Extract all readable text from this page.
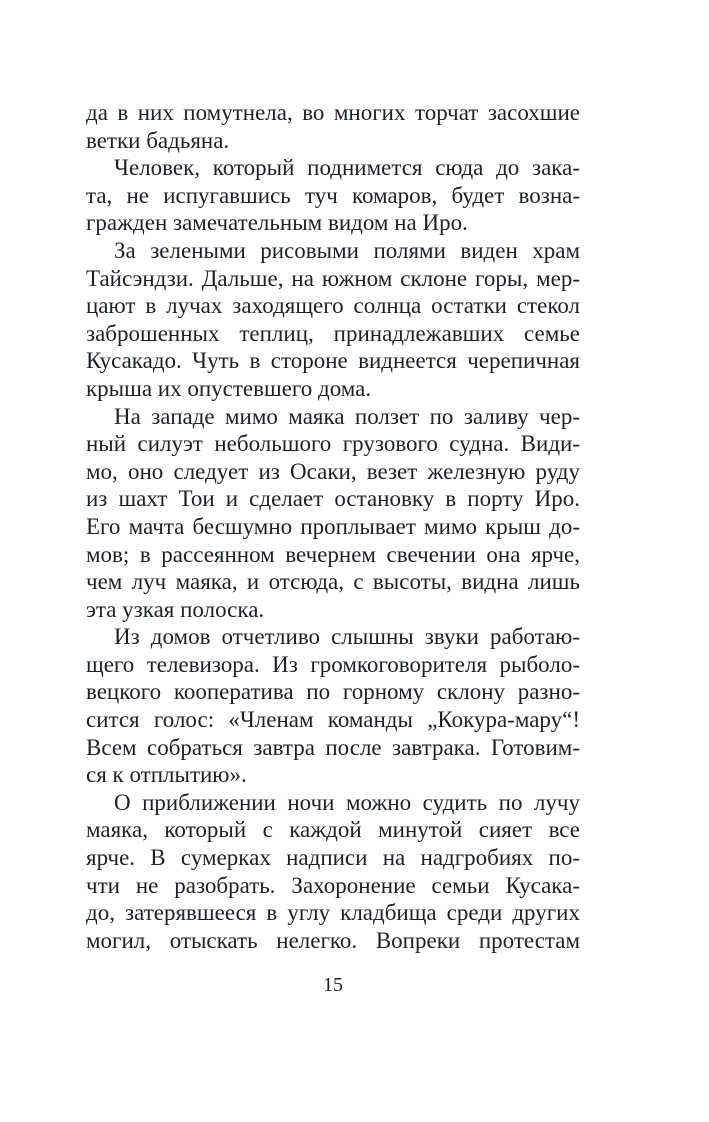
да в них помутнела, во многих торчат засохшие
ветки бадьяна.
Человек, который поднимется сюда до зака-
та, не испугавшись туч комаров, будет возна-
гражден замечательным видом на Иро.
За зелеными рисовыми полями виден храм
Тайсэндзи. Дальше, на южном склоне горы, мер-
цают в лучах заходящего солнца остатки стекол
заброшенных теплиц, принадлежавших семье
Кусакадо. Чуть в стороне виднеется черепичная
крыша их опустевшего дома.
На западе мимо маяка ползет по заливу чер-
ный силуэт небольшого грузового судна. Види-
мо, оно следует из Осаки, везет железную руду
из шахт Тои и сделает остановку в порту Иро.
Его мачта бесшумно проплывает мимо крыш до-
мов; в рассеянном вечернем свечении она ярче,
чем луч маяка, и отсюда, с высоты, видна лишь
эта узкая полоска.
Из домов отчетливо слышны звуки работаю-
щего телевизора. Из громкоговорителя рыболо-
вецкого кооператива по горному склону разно-
сится голос: «Членам команды „Кокура-мару“!
Всем собраться завтра после завтрака. Готовим-
ся к отплытию».
О приближении ночи можно судить по лучу
маяка, который с каждой минутой сияет все
ярче. В сумерках надписи на надгробиях по-
чти не разобрать. Захоронение семьи Кусака-
до, затерявшееся в углу кладбища среди других
могил, отыскать нелегко. Вопреки протестам
15
